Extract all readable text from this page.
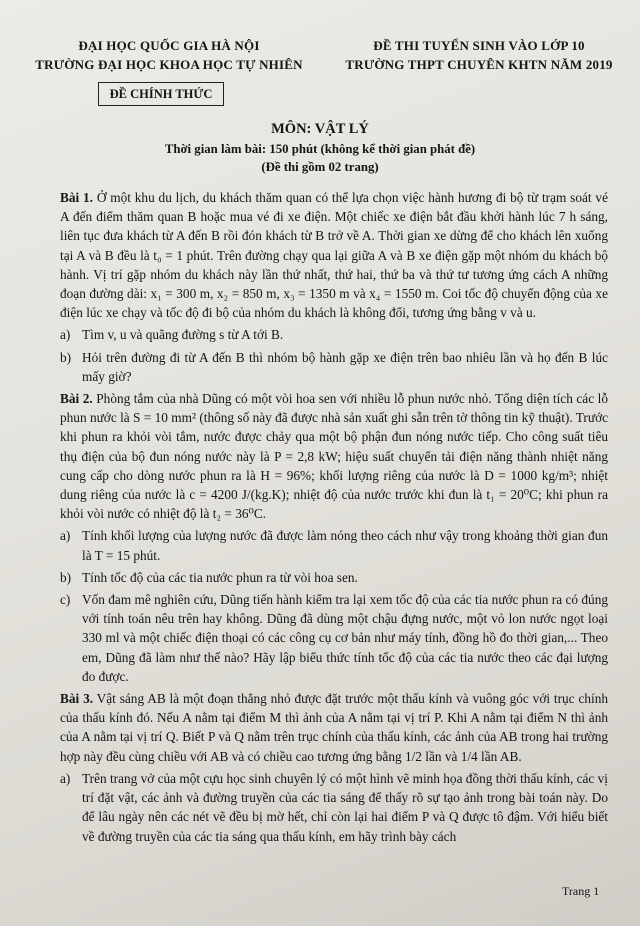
ĐẠI HỌC QUỐC GIA HÀ NỘI
TRƯỜNG ĐẠI HỌC KHOA HỌC TỰ NHIÊN
ĐỀ CHÍNH THỨC
ĐỀ THI TUYỂN SINH VÀO LỚP 10
TRƯỜNG THPT CHUYÊN KHTN NĂM 2019
MÔN: VẬT LÝ
Thời gian làm bài: 150 phút (không kể thời gian phát đề)
(Đề thi gồm 02 trang)

Bài 1. Ở một khu du lịch, du khách thăm quan có thể lựa chọn việc hành hương đi bộ từ trạm soát vé A đến điểm thăm quan B hoặc mua vé đi xe điện. Một chiếc xe điện bắt đầu khởi hành lúc 7 h sáng, liên tục đưa khách từ A đến B rồi đón khách từ B trở về A. Thời gian xe dừng để cho khách lên xuống tại A và B đều là t₀ = 1 phút. Trên đường chạy qua lại giữa A và B xe điện gặp một nhóm du khách bộ hành. Vị trí gặp nhóm du khách này lần thứ nhất, thứ hai, thứ ba và thứ tư tương ứng cách A những đoạn đường dài: x₁ = 300 m, x₂ = 850 m, x₃ = 1350 m và x₄ = 1550 m. Coi tốc độ chuyển động của xe điện lúc xe chạy và tốc độ đi bộ của nhóm du khách là không đổi, tương ứng bằng v và u.

a) Tìm v, u và quãng đường s từ A tới B.
b) Hỏi trên đường đi từ A đến B thì nhóm bộ hành gặp xe điện trên bao nhiêu lần và họ đến B lúc mấy giờ?

Bài 2. Phòng tắm của nhà Dũng có một vòi hoa sen với nhiều lỗ phun nước nhỏ. Tổng diện tích các lỗ phun nước là S = 10 mm² (thông số này đã được nhà sản xuất ghi sẵn trên tờ thông tin kỹ thuật). Trước khi phun ra khỏi vòi tắm, nước được chảy qua một bộ phận đun nóng nước tiếp. Cho công suất tiêu thụ điện của bộ đun nóng nước này là P = 2,8 kW; hiệu suất chuyển tải điện năng thành nhiệt năng cung cấp cho dòng nước phun ra là H = 96%; khối lượng riêng của nước là D = 1000 kg/m³; nhiệt dung riêng của nước là c = 4200 J/(kg.K); nhiệt độ của nước trước khi đun là t₁ = 20⁰C; khi phun ra khỏi vòi nước có nhiệt độ là t₂ = 36⁰C.

a) Tính khối lượng của lượng nước đã được làm nóng theo cách như vậy trong khoảng thời gian đun là T = 15 phút.
b) Tính tốc độ của các tia nước phun ra từ vòi hoa sen.
c) Vốn đam mê nghiên cứu, Dũng tiến hành kiểm tra lại xem tốc độ của các tia nước phun ra có đúng với tính toán nêu trên hay không. Dũng đã dùng một chậu đựng nước, một vỏ lon nước ngọt loại 330 ml và một chiếc điện thoại có các công cụ cơ bản như máy tính, đồng hồ đo thời gian,... Theo em, Dũng đã làm như thế nào? Hãy lập biểu thức tính tốc độ của các tia nước theo các đại lượng đo được.

Bài 3. Vật sáng AB là một đoạn thẳng nhỏ được đặt trước một thấu kính và vuông góc với trục chính của thấu kính đó. Nếu A nằm tại điểm M thì ảnh của A nằm tại vị trí P. Khi A nằm tại điểm N thì ảnh của A nằm tại vị trí Q. Biết P và Q nằm trên trục chính của thấu kính, các ảnh của AB trong hai trường hợp này đều cùng chiều với AB và có chiều cao tương ứng bằng 1/2 lần và 1/4 lần AB.

a) Trên trang vở của một cựu học sinh chuyên lý có một hình vẽ minh họa đồng thời thấu kính, các vị trí đặt vật, các ảnh và đường truyền của các tia sáng để thấy rõ sự tạo ảnh trong bài toán này. Do để lâu ngày nên các nét vẽ đều bị mờ hết, chỉ còn lại hai điểm P và Q được tô đậm. Với hiểu biết về đường truyền của các tia sáng qua thấu kính, em hãy trình bày cách
Trang 1
